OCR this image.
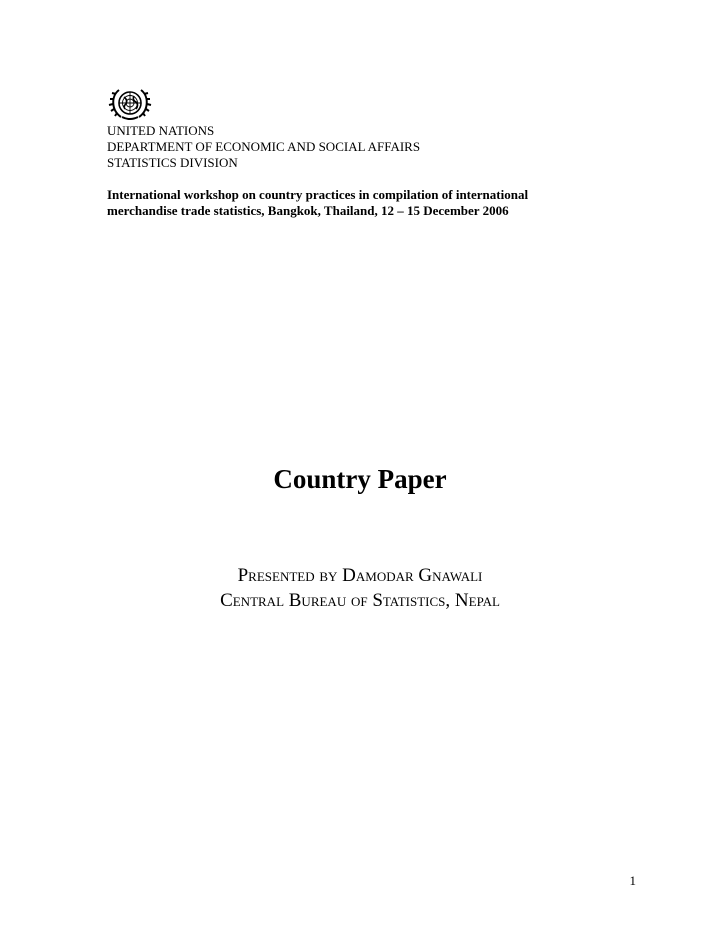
UNITED NATIONS
DEPARTMENT OF ECONOMIC AND SOCIAL AFFAIRS
STATISTICS DIVISION
International workshop on country practices in compilation of international
merchandise trade statistics, Bangkok, Thailand, 12 – 15 December 2006
Country Paper
Presented by Damodar Gnawali
Central Bureau of Statistics, Nepal
1
